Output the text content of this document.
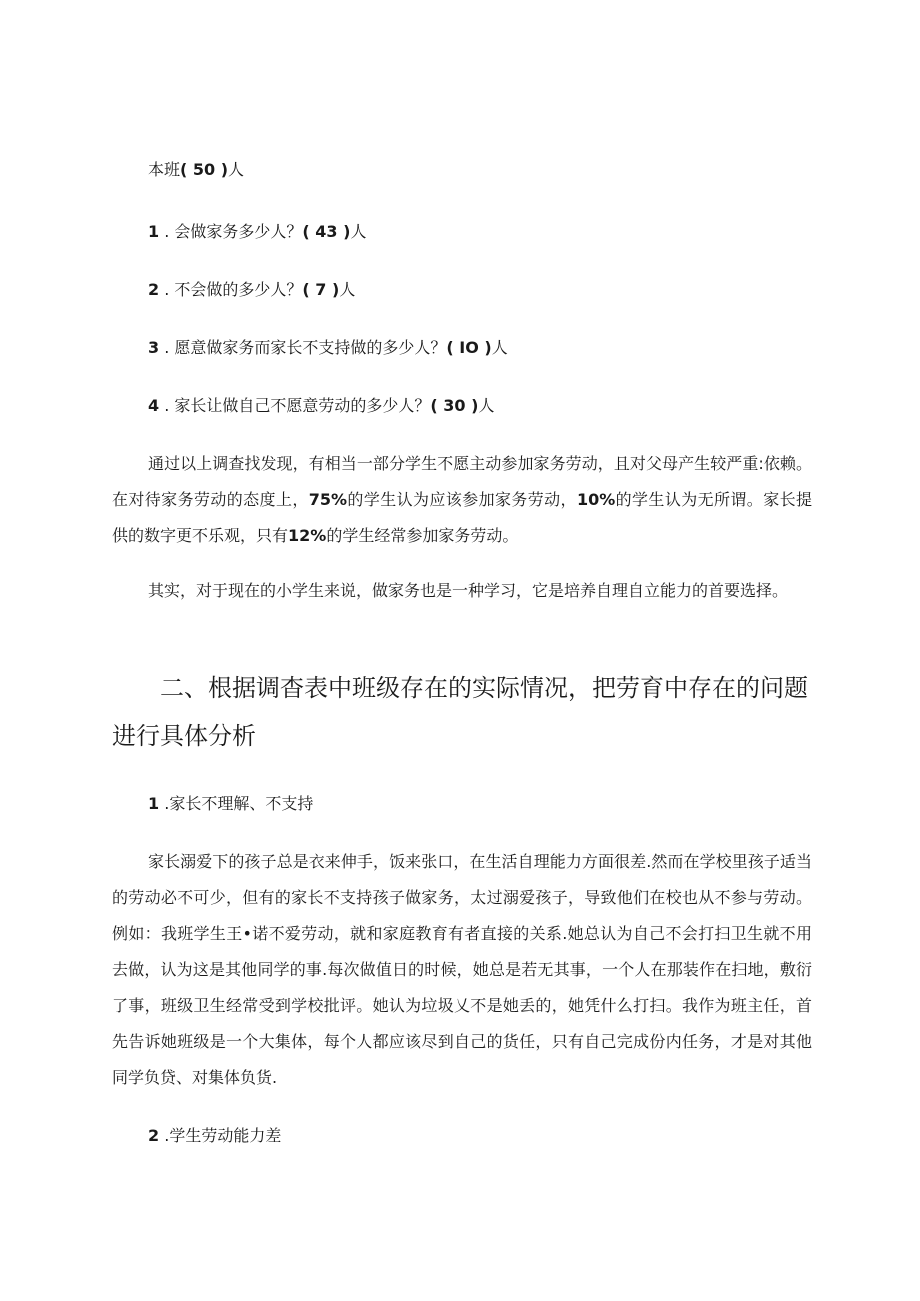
本班( 50 )人
1 . 会做家务多少人？( 43 )人
2 . 不会做的多少人？( 7 )人
3 . 愿意做家务而家长不支持做的多少人？( IO )人
4 . 家长让做自己不愿意劳动的多少人？( 30 )人

通过以上调查找发现，有相当一部分学生不愿主动参加家务劳动，且对父母产生较严重:依赖。在对待家务劳动的态度上，75%的学生认为应该参加家务劳动，10%的学生认为无所谓。家长提供的数字更不乐观，只有12%的学生经常参加家务劳动。

其实，对于现在的小学生来说，做家务也是一种学习，它是培养自理自立能力的首要选择。

二、根据调杳表中班级存在的实际情况，把劳育中存在的问题进行具体分析
1 .家长不理解、不支持

家长溺爱下的孩子总是衣来伸手，饭来张口，在生活自理能力方面很差.然而在学校里孩子适当的劳动必不可少，但有的家长不支持孩子做家务，太过溺爱孩子，导致他们在校也从不参与劳动。例如：我班学生王•诺不爱劳动，就和家庭教育有者直接的关系.她总认为自己不会打扫卫生就不用去做，认为这是其他同学的事.每次做值日的时候，她总是若无其事，一个人在那装作在扫地，敷衍了事，班级卫生经常受到学校批评。她认为垃圾乂不是她丢的，她凭什么打扫。我作为班主任，首先告诉她班级是一个大集体，每个人都应该尽到自己的货任，只有自己完成份内任务，才是对其他同学负贷、对集体负货.

2 .学生劳动能力差
